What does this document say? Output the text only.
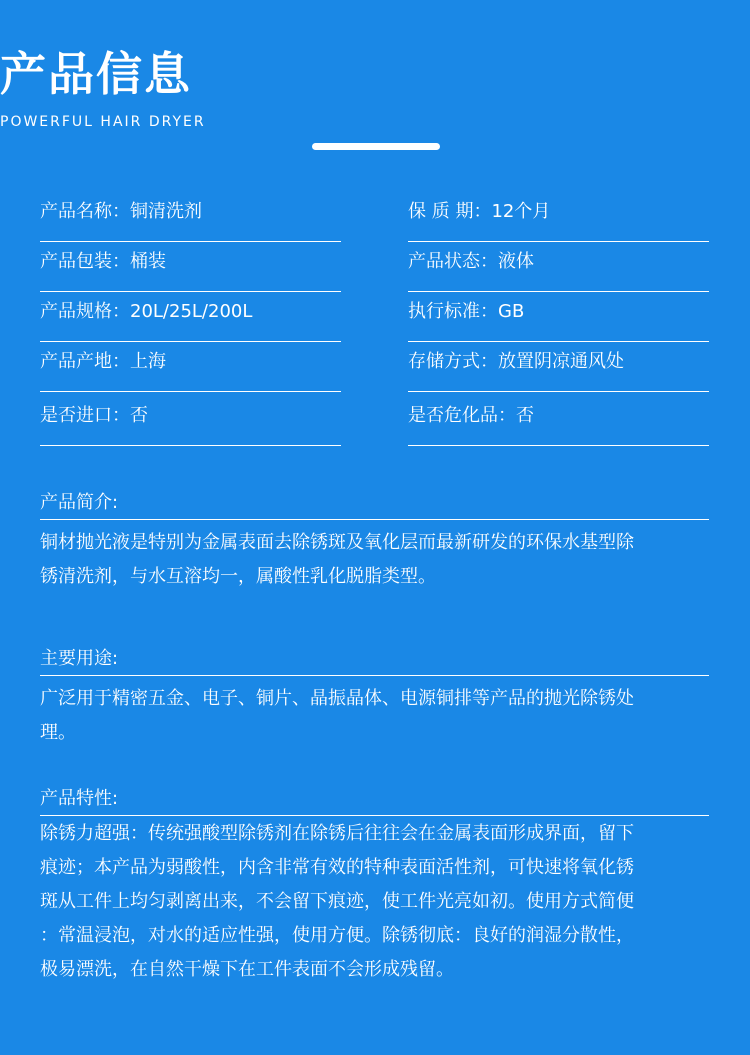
产品信息
POWERFUL HAIR DRYER
产品名称：铜清洗剂	保 质 期：12个月
产品包装：桶装	产品状态：液体
产品规格：20L/25L/200L	执行标准：GB
产品产地：上海	存储方式：放置阴凉通风处
是否进口：否	是否危化品：否
产品简介:
铜材抛光液是特别为金属表面去除锈斑及氧化层而最新研发的环保水基型除
锈清洗剂，与水互溶均一，属酸性乳化脱脂类型。
主要用途:
广泛用于精密五金、电子、铜片、晶振晶体、电源铜排等产品的抛光除锈处
理。
产品特性:
除锈力超强：传统强酸型除锈剂在除锈后往往会在金属表面形成界面，留下
痕迹；本产品为弱酸性，内含非常有效的特种表面活性剂，可快速将氧化锈
斑从工件上均匀剥离出来，不会留下痕迹，使工件光亮如初。使用方式简便
：常温浸泡，对水的适应性强，使用方便。除锈彻底：良好的润湿分散性，
极易漂洗，在自然干燥下在工件表面不会形成残留。
